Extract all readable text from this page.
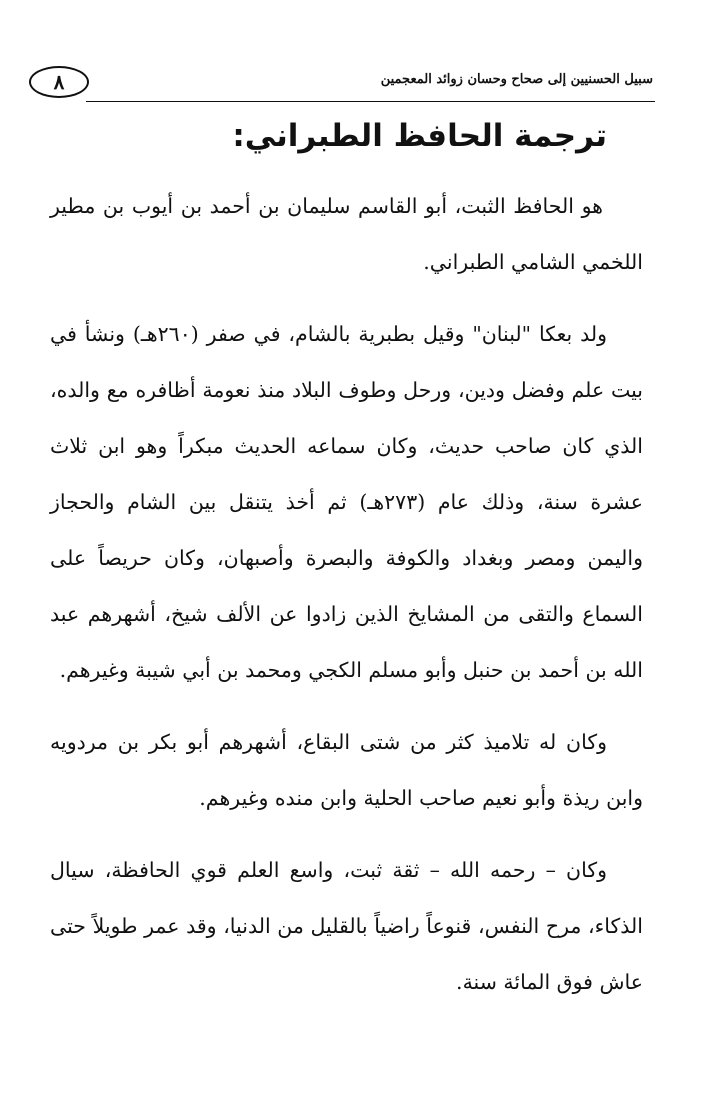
٨	سبيل الحسنيين إلى صحاح وحسان زوائد المعجمين
ترجمة الحافظ الطبراني:

هو الحافظ الثبت، أبو القاسم سليمان بن أحمد بن أيوب بن مطير اللخمي الشامي الطبراني.

ولد بعكا "لبنان" وقيل بطبرية بالشام، في صفر (٢٦٠هـ) ونشأ في بيت علم وفضل ودين، ورحل وطوف البلاد منذ نعومة أظافره مع والده، الذي كان صاحب حديث، وكان سماعه الحديث مبكراً وهو ابن ثلاث عشرة سنة، وذلك عام (٢٧٣هـ) ثم أخذ يتنقل بين الشام والحجاز واليمن ومصر وبغداد والكوفة والبصرة وأصبهان، وكان حريصاً على السماع والتقى من المشايخ الذين زادوا عن الألف شيخ، أشهرهم عبد الله بن أحمد بن حنبل وأبو مسلم الكجي ومحمد بن أبي شيبة وغيرهم.

وكان له تلاميذ كثر من شتى البقاع، أشهرهم أبو بكر بن مردويه وابن ريذة وأبو نعيم صاحب الحلية وابن منده وغيرهم.

وكان – رحمه الله – ثقة ثبت، واسع العلم قوي الحافظة، سيال الذكاء، مرح النفس، قنوعاً راضياً بالقليل من الدنيا، وقد عمر طويلاً حتى عاش فوق المائة سنة.
